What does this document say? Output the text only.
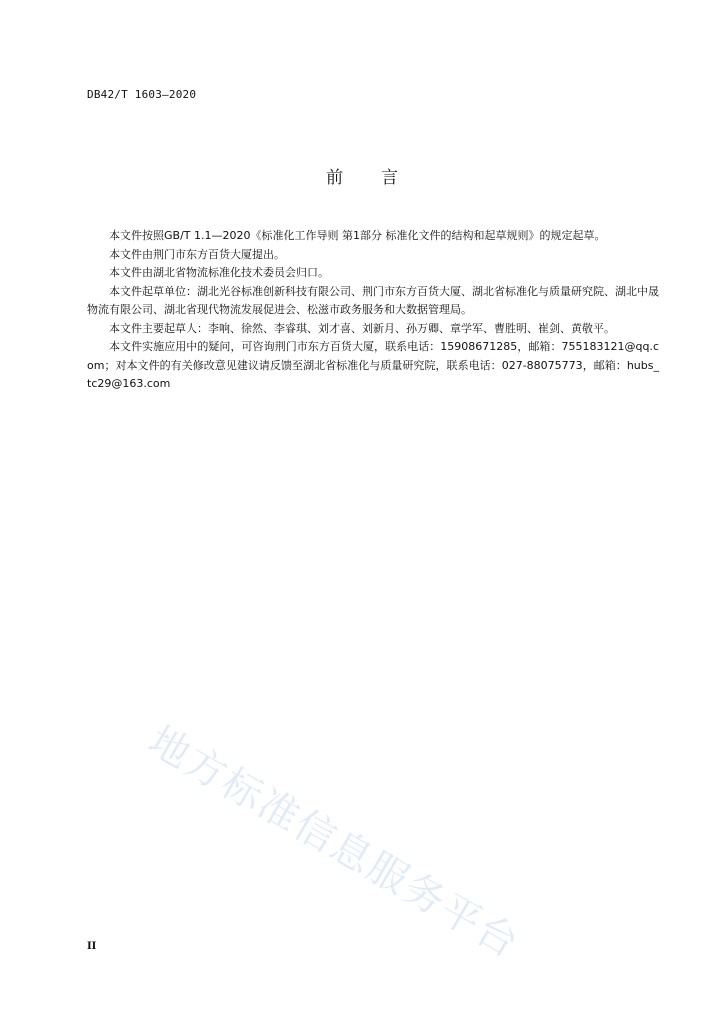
DB42/T 1603—2020
前 言

本文件按照GB/T 1.1—2020《标准化工作导则 第1部分 标准化文件的结构和起草规则》的规定起草。

本文件由荆门市东方百货大厦提出。

本文件由湖北省物流标准化技术委员会归口。

本文件起草单位：湖北光谷标准创新科技有限公司、荆门市东方百货大厦、湖北省标准化与质量研究院、湖北中晟物流有限公司、湖北省现代物流发展促进会、松滋市政务服务和大数据管理局。

本文件主要起草人：李响、徐然、李睿琪、刘才喜、刘新月、孙万卿、章学军、曹胜明、崔剑、黄敬平。

本文件实施应用中的疑问，可咨询荆门市东方百货大厦，联系电话：15908671285，邮箱：755183121@qq.com；对本文件的有关修改意见建议请反馈至湖北省标准化与质量研究院，联系电话：027-88075773，邮箱：hubs_tc29@163.com

地方标准信息服务平台
II
